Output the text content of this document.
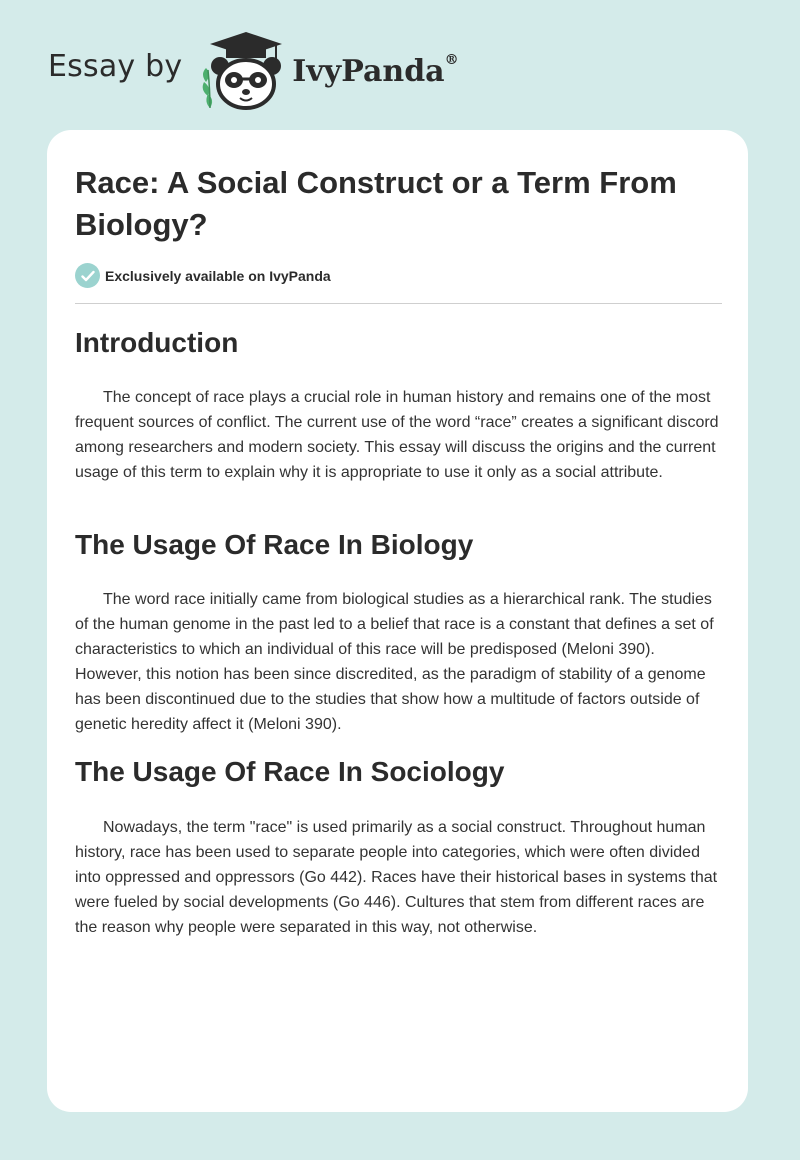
Essay by	IvyPanda®
Race: A Social Construct or a Term From Biology?
Exclusively available on IvyPanda
Introduction

The concept of race plays a crucial role in human history and remains one of the most frequent sources of conflict. The current use of the word “race” creates a significant discord among researchers and modern society. This essay will discuss the origins and the current usage of this term to explain why it is appropriate to use it only as a social attribute.

The Usage Of Race In Biology

The word race initially came from biological studies as a hierarchical rank. The studies of the human genome in the past led to a belief that race is a constant that defines a set of characteristics to which an individual of this race will be predisposed (Meloni 390). However, this notion has been since discredited, as the paradigm of stability of a genome has been discontinued due to the studies that show how a multitude of factors outside of genetic heredity affect it (Meloni 390).

The Usage Of Race In Sociology

Nowadays, the term "race" is used primarily as a social construct. Throughout human history, race has been used to separate people into categories, which were often divided into oppressed and oppressors (Go 442). Races have their historical bases in systems that were fueled by social developments (Go 446). Cultures that stem from different races are the reason why people were separated in this way, not otherwise.
